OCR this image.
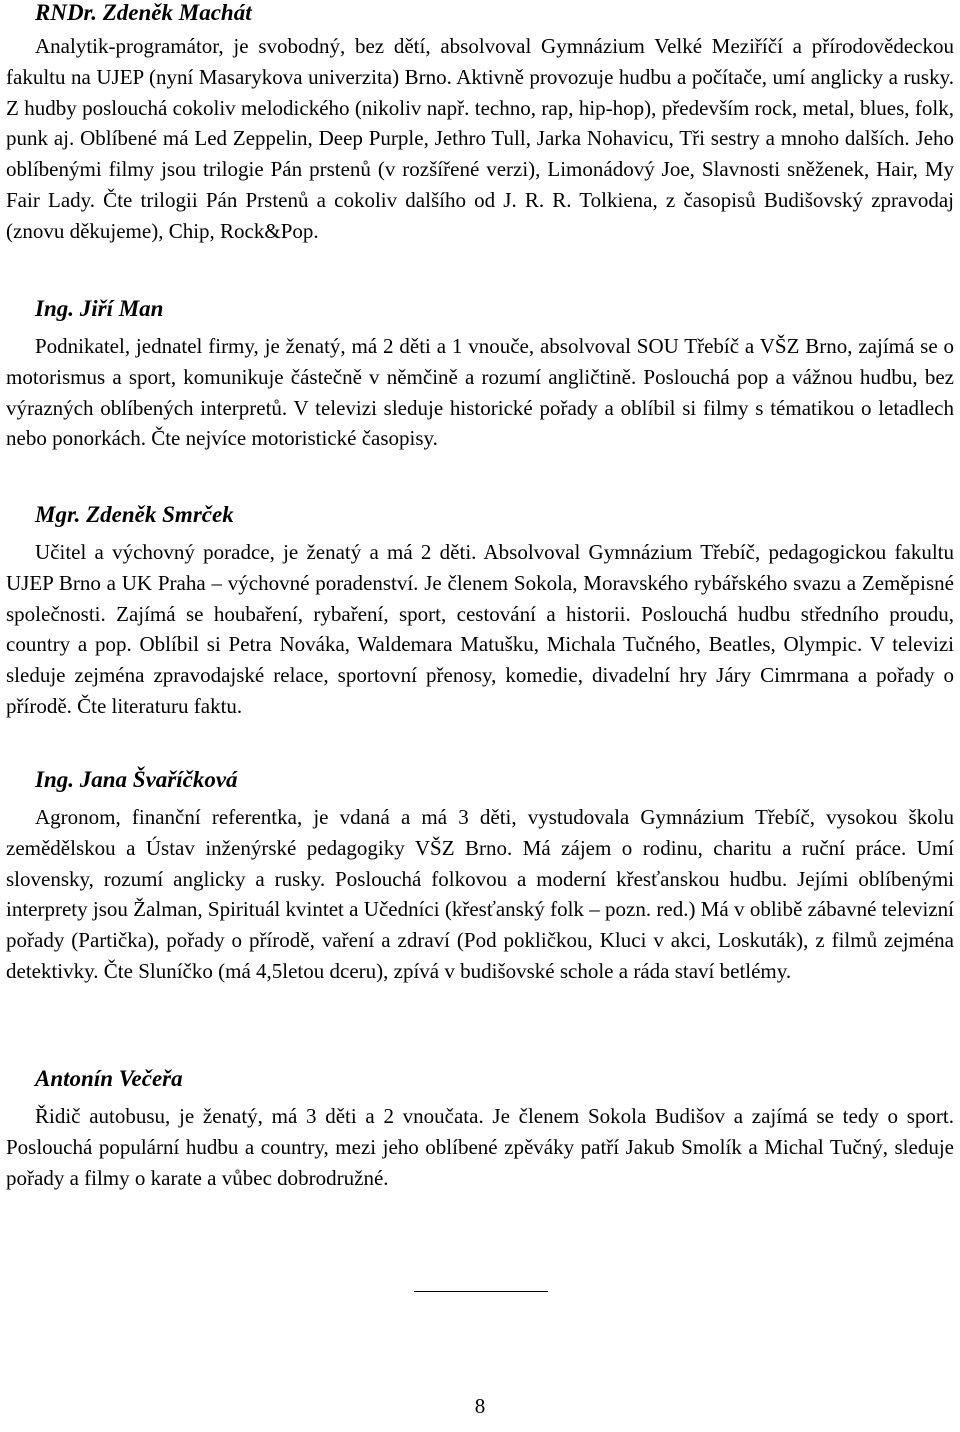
RNDr. Zdeněk Machát

Analytik-programátor, je svobodný, bez dětí, absolvoval Gymnázium Velké Meziříčí a přírodovědeckou fakultu na UJEP (nyní Masarykova univerzita) Brno. Aktivně provozuje hudbu a počítače, umí anglicky a rusky. Z hudby poslouchá cokoliv melodického (nikoliv např. techno, rap, hip-hop), především rock, metal, blues, folk, punk aj. Oblíbené má Led Zeppelin, Deep Purple, Jethro Tull, Jarka Nohavicu, Tři sestry a mnoho dalších. Jeho oblíbenými filmy jsou trilogie Pán prstenů (v rozšířené verzi), Limonádový Joe, Slavnosti sněženek, Hair, My Fair Lady. Čte trilogii Pán Prstenů a cokoliv dalšího od J. R. R. Tolkiena, z časopisů Budišovský zpravodaj (znovu děkujeme), Chip, Rock&Pop.

Ing. Jiří Man

Podnikatel, jednatel firmy, je ženatý, má 2 děti a 1 vnouče, absolvoval SOU Třebíč a VŠZ Brno, zajímá se o motorismus a sport, komunikuje částečně v němčině a rozumí angličtině. Poslouchá pop a vážnou hudbu, bez výrazných oblíbených interpretů. V televizi sleduje historické pořady a oblíbil si filmy s tématikou o letadlech nebo ponorkách. Čte nejvíce motoristické časopisy.

Mgr. Zdeněk Smrček

Učitel a výchovný poradce, je ženatý a má 2 děti. Absolvoval Gymnázium Třebíč, pedagogickou fakultu UJEP Brno a UK Praha – výchovné poradenství. Je členem Sokola, Moravského rybářského svazu a Zeměpisné společnosti. Zajímá se houbaření, rybaření, sport, cestování a historii. Poslouchá hudbu středního proudu, country a pop. Oblíbil si Petra Nováka, Waldemara Matušku, Michala Tučného, Beatles, Olympic. V televizi sleduje zejména zpravodajské relace, sportovní přenosy, komedie, divadelní hry Járy Cimrmana a pořady o přírodě. Čte literaturu faktu.

Ing. Jana Švaříčková

Agronom, finanční referentka, je vdaná a má 3 děti, vystudovala Gymnázium Třebíč, vysokou školu zemědělskou a Ústav inženýrské pedagogiky VŠZ Brno. Má zájem o rodinu, charitu a ruční práce. Umí slovensky, rozumí anglicky a rusky. Poslouchá folkovou a moderní křesťanskou hudbu. Jejími oblíbenými interprety jsou Žalman, Spirituál kvintet a Učedníci (křesťanský folk – pozn. red.) Má v oblibě zábavné televizní pořady (Partička), pořady o přírodě, vaření a zdraví (Pod pokličkou, Kluci v akci, Loskuták), z filmů zejména detektivky. Čte Sluníčko (má 4,5letou dceru), zpívá v budišovské schole a ráda staví betlémy.

Antonín Večeřa

Řidič autobusu, je ženatý, má 3 děti a 2 vnoučata. Je členem Sokola Budišov a zajímá se tedy o sport. Poslouchá populární hudbu a country, mezi jeho oblíbené zpěváky patří Jakub Smolík a Michal Tučný, sleduje pořady a filmy o karate a vůbec dobrodružné.

8
